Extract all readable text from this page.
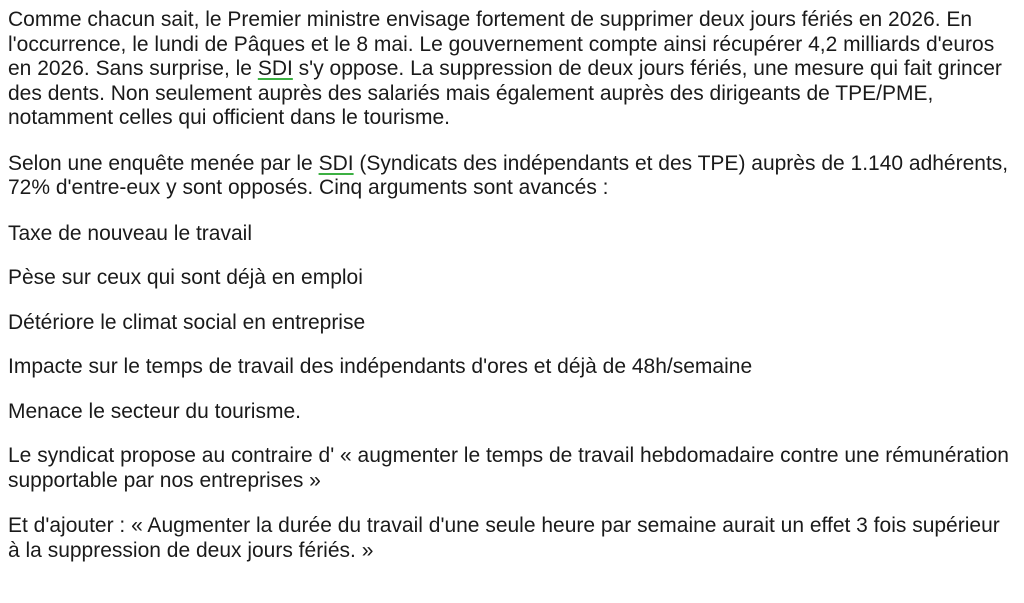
Comme chacun sait, le Premier ministre envisage fortement de supprimer deux jours fériés en 2026. En l'occurrence, le lundi de Pâques et le 8 mai. Le gouvernement compte ainsi récupérer 4,2 milliards d'euros en 2026. Sans surprise, le SDI s'y oppose. La suppression de deux jours fériés, une mesure qui fait grincer des dents. Non seulement auprès des salariés mais également auprès des dirigeants de TPE/PME, notamment celles qui officient dans le tourisme.

Selon une enquête menée par le SDI (Syndicats des indépendants et des TPE) auprès de 1.140 adhérents, 72% d'entre-eux y sont opposés. Cinq arguments sont avancés :

Taxe de nouveau le travail

Pèse sur ceux qui sont déjà en emploi

Détériore le climat social en entreprise

Impacte sur le temps de travail des indépendants d'ores et déjà de 48h/semaine

Menace le secteur du tourisme.

Le syndicat propose au contraire d' « augmenter le temps de travail hebdomadaire contre une rémunération supportable par nos entreprises »

Et d'ajouter : « Augmenter la durée du travail d'une seule heure par semaine aurait un effet 3 fois supérieur à la suppression de deux jours fériés. »
